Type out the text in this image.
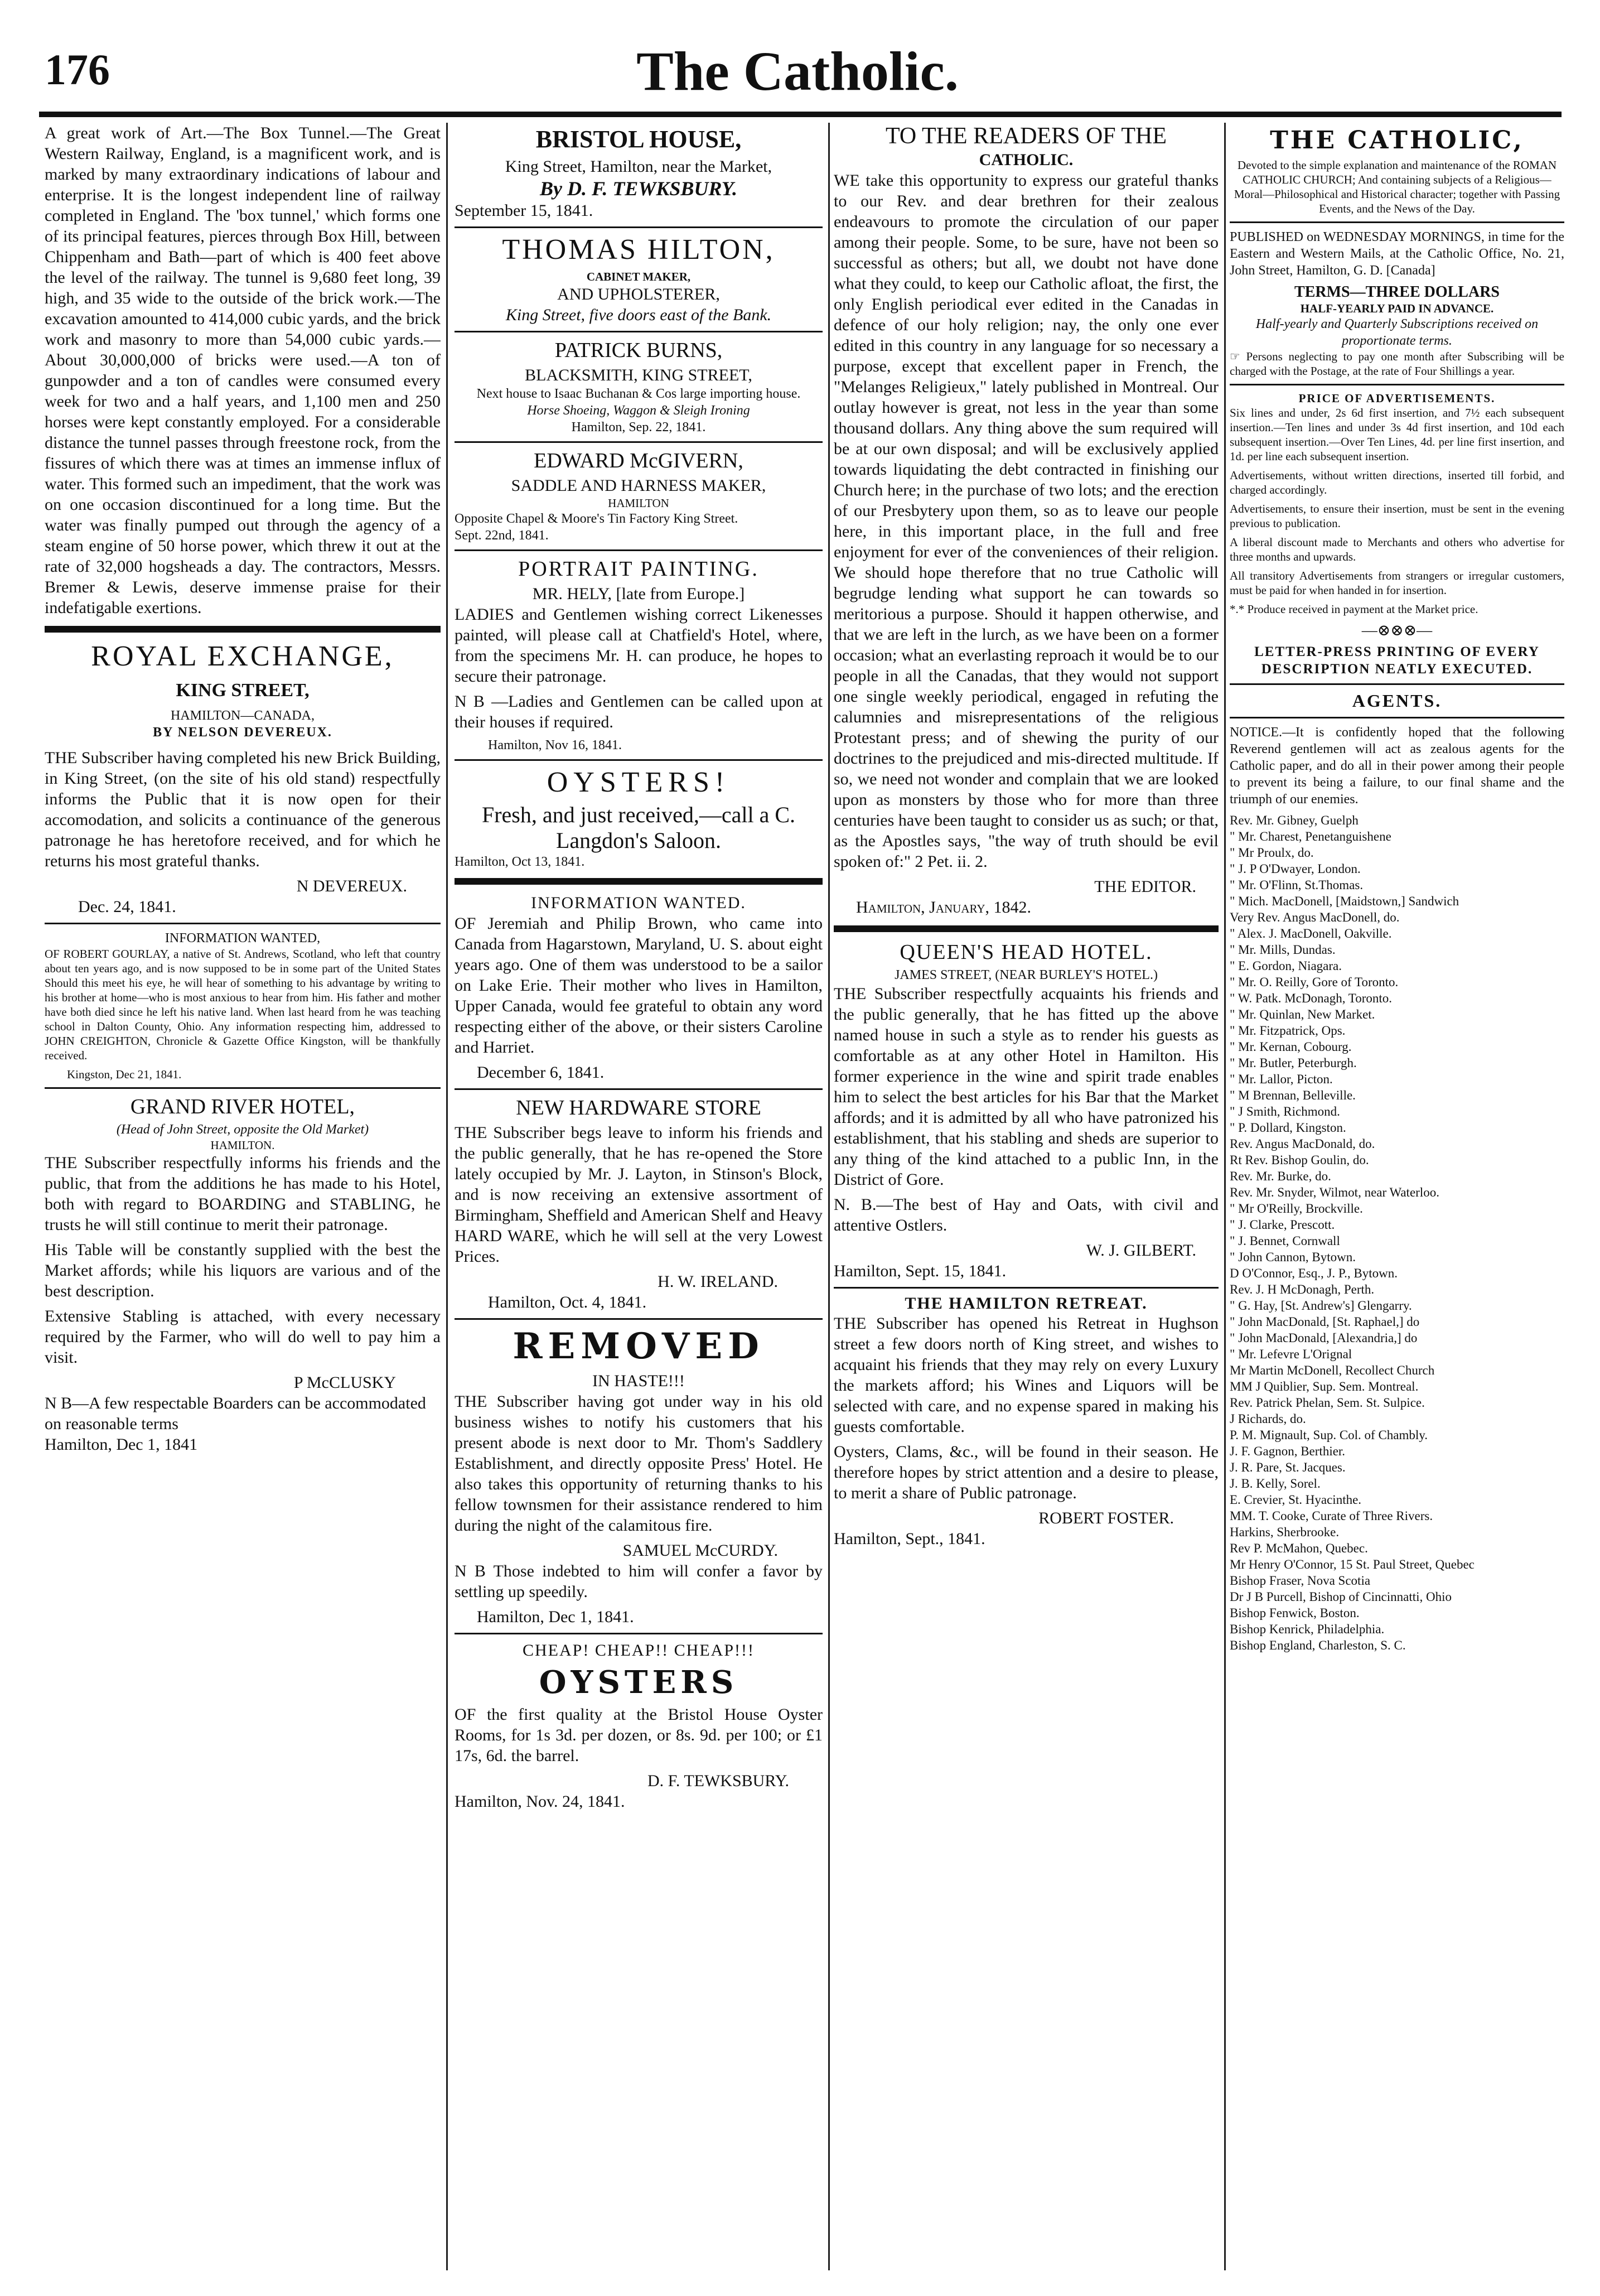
176	The Catholic.

A great work of Art.—The Box Tunnel.—The Great Western Railway, England, is a magnificent work, and is marked by many extraordinary indications of labour and enterprise. It is the longest independent line of railway completed in England. The 'box tunnel,' which forms one of its principal features, pierces through Box Hill, between Chippenham and Bath—part of which is 400 feet above the level of the railway. The tunnel is 9,680 feet long, 39 high, and 35 wide to the outside of the brick work.—The excavation amounted to 414,000 cubic yards, and the brick work and masonry to more than 54,000 cubic yards.—About 30,000,000 of bricks were used.—A ton of gunpowder and a ton of candles were consumed every week for two and a half years, and 1,100 men and 250 horses were kept constantly employed. For a considerable distance the tunnel passes through freestone rock, from the fissures of which there was at times an immense influx of water. This formed such an impediment, that the work was on one occasion discontinued for a long time. But the water was finally pumped out through the agency of a steam engine of 50 horse power, which threw it out at the rate of 32,000 hogsheads a day. The contractors, Messrs. Bremer & Lewis, deserve immense praise for their indefatigable exertions.

ROYAL EXCHANGE,
KING STREET,
HAMILTON—CANADA,
BY NELSON DEVEREUX.

THE Subscriber having completed his new Brick Building, in King Street, (on the site of his old stand) respectfully informs the Public that it is now open for their accomodation, and solicits a continuance of the generous patronage he has heretofore received, and for which he returns his most grateful thanks.

N DEVEREUX.
Dec. 24, 1841.
INFORMATION WANTED,

OF ROBERT GOURLAY, a native of St. Andrews, Scotland, who left that country about ten years ago, and is now supposed to be in some part of the United States Should this meet his eye, he will hear of something to his advantage by writing to his brother at home—who is most anxious to hear from him. His father and mother have both died since he left his native land. When last heard from he was teaching school in Dalton County, Ohio. Any information respecting him, addressed to JOHN CREIGHTON, Chronicle & Gazette Office Kingston, will be thankfully received.

Kingston, Dec 21, 1841.
GRAND RIVER HOTEL,
(Head of John Street, opposite the Old Market)
HAMILTON.

THE Subscriber respectfully informs his friends and the public, that from the additions he has made to his Hotel, both with regard to BOARDING and STABLING, he trusts he will still continue to merit their patronage.

His Table will be constantly supplied with the best the Market affords; while his liquors are various and of the best description.

Extensive Stabling is attached, with every necessary required by the Farmer, who will do well to pay him a visit.

P McCLUSKY
N B—A few respectable Boarders can be accommodated on reasonable terms
Hamilton, Dec 1, 1841
BRISTOL HOUSE,
King Street, Hamilton, near the Market,
By D. F. TEWKSBURY.
September 15, 1841.
THOMAS HILTON,
CABINET MAKER,
AND UPHOLSTERER,
King Street, five doors east of the Bank.
PATRICK BURNS,
BLACKSMITH, KING STREET,
Next house to Isaac Buchanan & Cos large importing house.
Horse Shoeing, Waggon & Sleigh Ironing
Hamilton, Sep. 22, 1841.
EDWARD McGIVERN,
SADDLE AND HARNESS MAKER,
HAMILTON
Opposite Chapel & Moore's Tin Factory King Street.
Sept. 22nd, 1841.
PORTRAIT PAINTING.
MR. HELY, [late from Europe.]

LADIES and Gentlemen wishing correct Likenesses painted, will please call at Chatfield's Hotel, where, from the specimens Mr. H. can produce, he hopes to secure their patronage.

N B —Ladies and Gentlemen can be called upon at their houses if required.

Hamilton, Nov 16, 1841.
OYSTERS!
Fresh, and just received,—call a C. Langdon's Saloon.
Hamilton, Oct 13, 1841.
INFORMATION WANTED.

OF Jeremiah and Philip Brown, who came into Canada from Hagarstown, Maryland, U. S. about eight years ago. One of them was understood to be a sailor on Lake Erie. Their mother who lives in Hamilton, Upper Canada, would fee grateful to obtain any word respecting either of the above, or their sisters Caroline and Harriet.

December 6, 1841.
NEW HARDWARE STORE

THE Subscriber begs leave to inform his friends and the public generally, that he has re-opened the Store lately occupied by Mr. J. Layton, in Stinson's Block, and is now receiving an extensive assortment of Birmingham, Sheffield and American Shelf and Heavy HARD WARE, which he will sell at the very Lowest Prices.

H. W. IRELAND.
Hamilton, Oct. 4, 1841.
REMOVED
IN HASTE!!!

THE Subscriber having got under way in his old business wishes to notify his customers that his present abode is next door to Mr. Thom's Saddlery Establishment, and directly opposite Press' Hotel. He also takes this opportunity of returning thanks to his fellow townsmen for their assistance rendered to him during the night of the calamitous fire.

SAMUEL McCURDY.

N B Those indebted to him will confer a favor by settling up speedily.

Hamilton, Dec 1, 1841.
CHEAP! CHEAP!! CHEAP!!!
OYSTERS

OF the first quality at the Bristol House Oyster Rooms, for 1s 3d. per dozen, or 8s. 9d. per 100; or £1 17s, 6d. the barrel.

D. F. TEWKSBURY.
Hamilton, Nov. 24, 1841.
TO THE READERS OF THE
CATHOLIC.

WE take this opportunity to express our grateful thanks to our Rev. and dear brethren for their zealous endeavours to promote the circulation of our paper among their people. Some, to be sure, have not been so successful as others; but all, we doubt not have done what they could, to keep our Catholic afloat, the first, the only English periodical ever edited in the Canadas in defence of our holy religion; nay, the only one ever edited in this country in any language for so necessary a purpose, except that excellent paper in French, the "Melanges Religieux," lately published in Montreal. Our outlay however is great, not less in the year than some thousand dollars. Any thing above the sum required will be at our own disposal; and will be exclusively applied towards liquidating the debt contracted in finishing our Church here; in the purchase of two lots; and the erection of our Presbytery upon them, so as to leave our people here, in this important place, in the full and free enjoyment for ever of the conveniences of their religion. We should hope therefore that no true Catholic will begrudge lending what support he can towards so meritorious a purpose. Should it happen otherwise, and that we are left in the lurch, as we have been on a former occasion; what an everlasting reproach it would be to our people in all the Canadas, that they would not support one single weekly periodical, engaged in refuting the calumnies and misrepresentations of the religious Protestant press; and of shewing the purity of our doctrines to the prejudiced and mis-directed multitude. If so, we need not wonder and complain that we are looked upon as monsters by those who for more than three centuries have been taught to consider us as such; or that, as the Apostles says, "the way of truth should be evil spoken of:" 2 Pet. ii. 2.

THE EDITOR.
Hamilton, January, 1842.
QUEEN'S HEAD HOTEL.
JAMES STREET, (NEAR BURLEY'S HOTEL.)

THE Subscriber respectfully acquaints his friends and the public generally, that he has fitted up the above named house in such a style as to render his guests as comfortable as at any other Hotel in Hamilton. His former experience in the wine and spirit trade enables him to select the best articles for his Bar that the Market affords; and it is admitted by all who have patronized his establishment, that his stabling and sheds are superior to any thing of the kind attached to a public Inn, in the District of Gore.

N. B.—The best of Hay and Oats, with civil and attentive Ostlers.

W. J. GILBERT.
Hamilton, Sept. 15, 1841.
THE HAMILTON RETREAT.

THE Subscriber has opened his Retreat in Hughson street a few doors north of King street, and wishes to acquaint his friends that they may rely on every Luxury the markets afford; his Wines and Liquors will be selected with care, and no expense spared in making his guests comfortable.

Oysters, Clams, &c., will be found in their season. He therefore hopes by strict attention and a desire to please, to merit a share of Public patronage.

ROBERT FOSTER.
Hamilton, Sept., 1841.
THE CATHOLIC,

Devoted to the simple explanation and maintenance of the ROMAN CATHOLIC CHURCH; And containing subjects of a Religious—Moral—Philosophical and Historical character; together with Passing Events, and the News of the Day.

PUBLISHED on WEDNESDAY MORNINGS, in time for the Eastern and Western Mails, at the Catholic Office, No. 21, John Street, Hamilton, G. D. [Canada]

TERMS—THREE DOLLARS
HALF-YEARLY PAID IN ADVANCE.
Half-yearly and Quarterly Subscriptions received on proportionate terms.

☞ Persons neglecting to pay one month after Subscribing will be charged with the Postage, at the rate of Four Shillings a year.

PRICE OF ADVERTISEMENTS.

Six lines and under, 2s 6d first insertion, and 7½ each subsequent insertion.—Ten lines and under 3s 4d first insertion, and 10d each subsequent insertion.—Over Ten Lines, 4d. per line first insertion, and 1d. per line each subsequent insertion.

Advertisements, without written directions, inserted till forbid, and charged accordingly.

Advertisements, to ensure their insertion, must be sent in the evening previous to publication.

A liberal discount made to Merchants and others who advertise for three months and upwards.

All transitory Advertisements from strangers or irregular customers, must be paid for when handed in for insertion.

*.* Produce received in payment at the Market price.

—⊗⊗⊗—
LETTER-PRESS PRINTING OF EVERY DESCRIPTION NEATLY EXECUTED.
AGENTS.

NOTICE.—It is confidently hoped that the following Reverend gentlemen will act as zealous agents for the Catholic paper, and do all in their power among their people to prevent its being a failure, to our final shame and the triumph of our enemies.

Rev. Mr. Gibney, Guelph
" Mr. Charest, Penetanguishene
" Mr Proulx, do.
" J. P O'Dwayer, London.
" Mr. O'Flinn, St.Thomas.
" Mich. MacDonell, [Maidstown,] Sandwich
Very Rev. Angus MacDonell, do.
" Alex. J. MacDonell, Oakville.
" Mr. Mills, Dundas.
" E. Gordon, Niagara.
" Mr. O. Reilly, Gore of Toronto.
" W. Patk. McDonagh, Toronto.
" Mr. Quinlan, New Market.
" Mr. Fitzpatrick, Ops.
" Mr. Kernan, Cobourg.
" Mr. Butler, Peterburgh.
" Mr. Lallor, Picton.
" M Brennan, Belleville.
" J Smith, Richmond.
" P. Dollard, Kingston.
Rev. Angus MacDonald, do.
Rt Rev. Bishop Goulin, do.
Rev. Mr. Burke, do.
Rev. Mr. Snyder, Wilmot, near Waterloo.
" Mr O'Reilly, Brockville.
" J. Clarke, Prescott.
" J. Bennet, Cornwall
" John Cannon, Bytown.
D O'Connor, Esq., J. P., Bytown.
Rev. J. H McDonagh, Perth.
" G. Hay, [St. Andrew's] Glengarry.
" John MacDonald, [St. Raphael,] do
" John MacDonald, [Alexandria,] do
" Mr. Lefevre L'Orignal
Mr Martin McDonell, Recollect Church
MM J Quiblier, Sup. Sem. Montreal.
Rev. Patrick Phelan, Sem. St. Sulpice.
J Richards, do.
P. M. Mignault, Sup. Col. of Chambly.
J. F. Gagnon, Berthier.
J. R. Pare, St. Jacques.
J. B. Kelly, Sorel.
E. Crevier, St. Hyacinthe.
MM. T. Cooke, Curate of Three Rivers.
Harkins, Sherbrooke.
Rev P. McMahon, Quebec.
Mr Henry O'Connor, 15 St. Paul Street, Quebec
Bishop Fraser, Nova Scotia
Dr J B Purcell, Bishop of Cincinnatti, Ohio
Bishop Fenwick, Boston.
Bishop Kenrick, Philadelphia.
Bishop England, Charleston, S. C.
